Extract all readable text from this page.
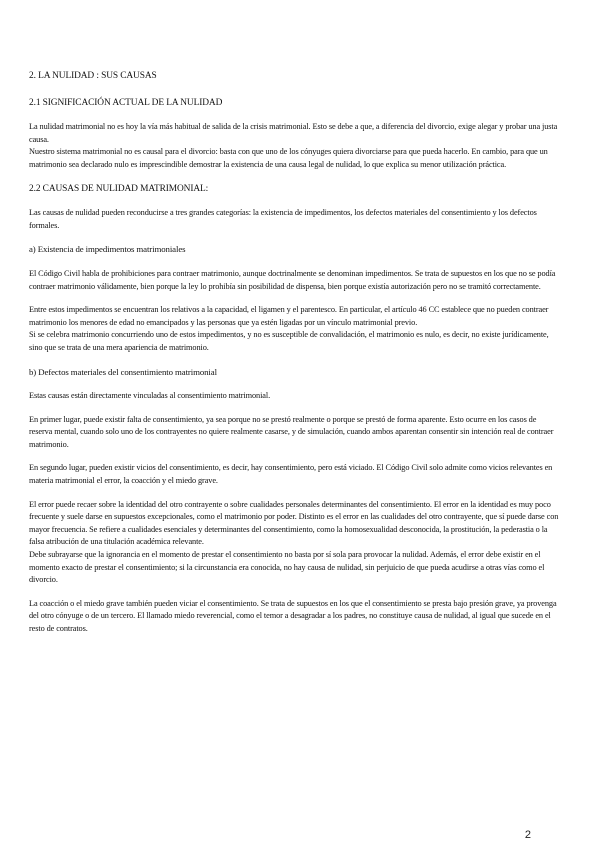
2. LA NULIDAD : SUS CAUSAS

2.1 SIGNIFICACIÓN ACTUAL DE LA NULIDAD

La nulidad matrimonial no es hoy la vía más habitual de salida de la crisis matrimonial. Esto se debe a que, a diferencia del divorcio, exige alegar y probar una justa causa.

Nuestro sistema matrimonial no es causal para el divorcio: basta con que uno de los cónyuges quiera divorciarse para que pueda hacerlo. En cambio, para que un matrimonio sea declarado nulo es imprescindible demostrar la existencia de una causa legal de nulidad, lo que explica su menor utilización práctica.

2.2 CAUSAS DE NULIDAD MATRIMONIAL:

Las causas de nulidad pueden reconducirse a tres grandes categorías: la existencia de impedimentos, los defectos materiales del consentimiento y los defectos formales.

a) Existencia de impedimentos matrimoniales

El Código Civil habla de prohibiciones para contraer matrimonio, aunque doctrinalmente se denominan impedimentos. Se trata de supuestos en los que no se podía contraer matrimonio válidamente, bien porque la ley lo prohibía sin posibilidad de dispensa, bien porque existía autorización pero no se tramitó correctamente.

Entre estos impedimentos se encuentran los relativos a la capacidad, el ligamen y el parentesco. En particular, el artículo 46 CC establece que no pueden contraer matrimonio los menores de edad no emancipados y las personas que ya estén ligadas por un vínculo matrimonial previo.

Si se celebra matrimonio concurriendo uno de estos impedimentos, y no es susceptible de convalidación, el matrimonio es nulo, es decir, no existe jurídicamente, sino que se trata de una mera apariencia de matrimonio.

b) Defectos materiales del consentimiento matrimonial

Estas causas están directamente vinculadas al consentimiento matrimonial.

En primer lugar, puede existir falta de consentimiento, ya sea porque no se prestó realmente o porque se prestó de forma aparente. Esto ocurre en los casos de reserva mental, cuando solo uno de los contrayentes no quiere realmente casarse, y de simulación, cuando ambos aparentan consentir sin intención real de contraer matrimonio.

En segundo lugar, pueden existir vicios del consentimiento, es decir, hay consentimiento, pero está viciado. El Código Civil solo admite como vicios relevantes en materia matrimonial el error, la coacción y el miedo grave.

El error puede recaer sobre la identidad del otro contrayente o sobre cualidades personales determinantes del consentimiento. El error en la identidad es muy poco frecuente y suele darse en supuestos excepcionales, como el matrimonio por poder. Distinto es el error en las cualidades del otro contrayente, que sí puede darse con mayor frecuencia. Se refiere a cualidades esenciales y determinantes del consentimiento, como la homosexualidad desconocida, la prostitución, la pederastia o la falsa atribución de una titulación académica relevante.

Debe subrayarse que la ignorancia en el momento de prestar el consentimiento no basta por sí sola para provocar la nulidad. Además, el error debe existir en el momento exacto de prestar el consentimiento; si la circunstancia era conocida, no hay causa de nulidad, sin perjuicio de que pueda acudirse a otras vías como el divorcio.

La coacción o el miedo grave también pueden viciar el consentimiento. Se trata de supuestos en los que el consentimiento se presta bajo presión grave, ya provenga del otro cónyuge o de un tercero. El llamado miedo reverencial, como el temor a desagradar a los padres, no constituye causa de nulidad, al igual que sucede en el resto de contratos.

2
